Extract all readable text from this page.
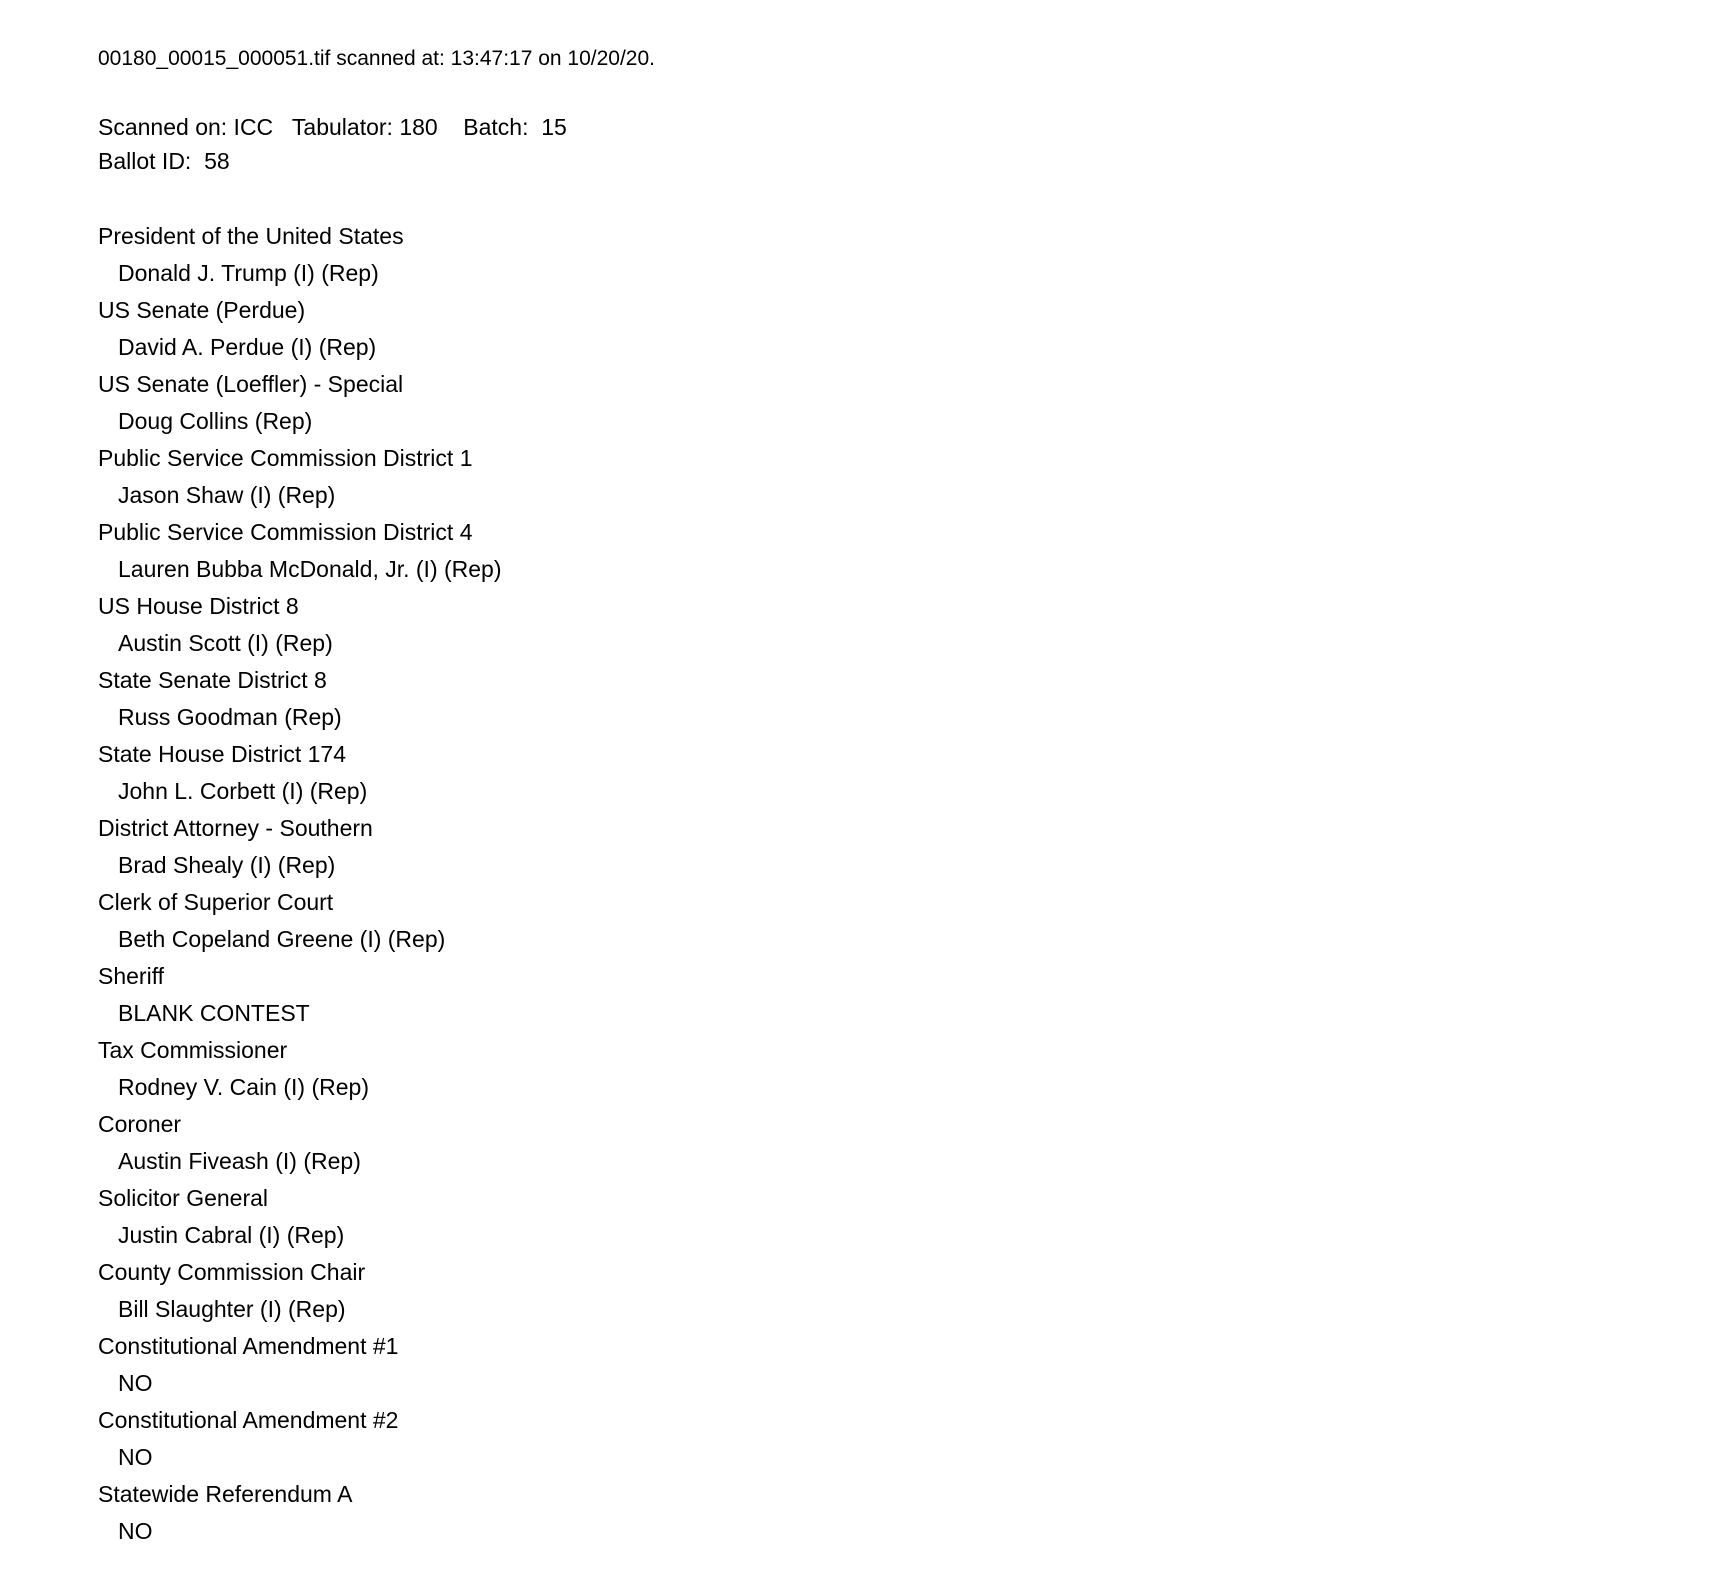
00180_00015_000051.tif scanned at: 13:47:17 on 10/20/20.
Scanned on: ICC   Tabulator: 180    Batch:  15
Ballot ID:  58
President of the United States
Donald J. Trump (I) (Rep)
US Senate (Perdue)
David A. Perdue (I) (Rep)
US Senate (Loeffler) - Special
Doug Collins (Rep)
Public Service Commission District 1
Jason Shaw (I) (Rep)
Public Service Commission District 4
Lauren Bubba McDonald, Jr. (I) (Rep)
US House District 8
Austin Scott (I) (Rep)
State Senate District 8
Russ Goodman (Rep)
State House District 174
John L. Corbett (I) (Rep)
District Attorney - Southern
Brad Shealy (I) (Rep)
Clerk of Superior Court
Beth Copeland Greene (I) (Rep)
Sheriff
BLANK CONTEST
Tax Commissioner
Rodney V. Cain (I) (Rep)
Coroner
Austin Fiveash (I) (Rep)
Solicitor General
Justin Cabral (I) (Rep)
County Commission Chair
Bill Slaughter (I) (Rep)
Constitutional Amendment #1
NO
Constitutional Amendment #2
NO
Statewide Referendum A
NO
